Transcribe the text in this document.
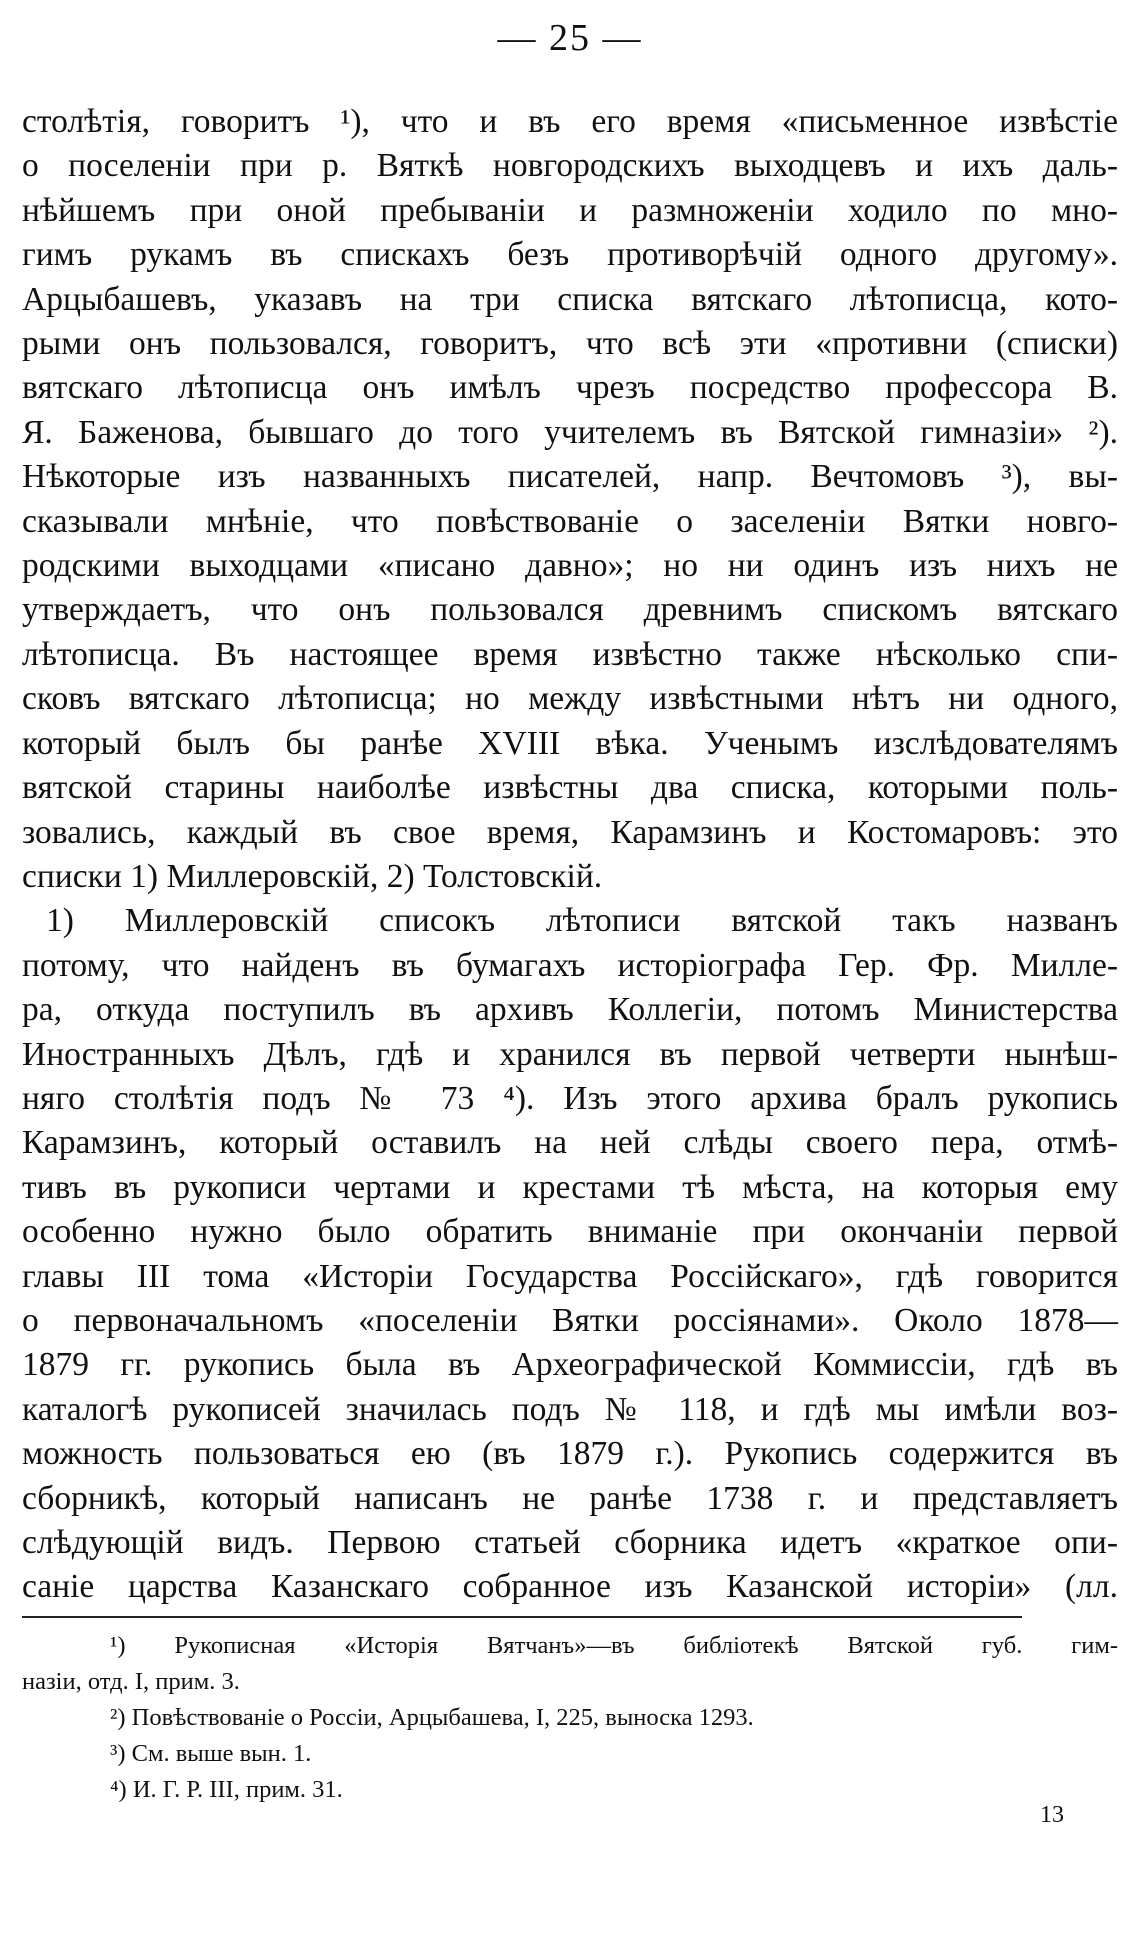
— 25 —
столѣтія, говоритъ ¹), что и въ его время «письменное извѣстіе
о поселеніи при р. Вяткѣ новгородскихъ выходцевъ и ихъ даль-
нѣйшемъ при оной пребываніи и размноженіи ходило по мно-
гимъ рукамъ въ спискахъ безъ противорѣчій одного другому».
Арцыбашевъ, указавъ на три списка вятскаго лѣтописца, кото-
рыми онъ пользовался, говоритъ, что всѣ эти «противни (списки)
вятскаго лѣтописца онъ имѣлъ чрезъ посредство профессора В.
Я. Баженова, бывшаго до того учителемъ въ Вятской гимназіи» ²).
Нѣкоторые изъ названныхъ писателей, напр. Вечтомовъ ³), вы-
сказывали мнѣніе, что повѣствованіе о заселеніи Вятки новго-
родскими выходцами «писано давно»; но ни одинъ изъ нихъ не
утверждаетъ, что онъ пользовался древнимъ спискомъ вятскаго
лѣтописца. Въ настоящее время извѣстно также нѣсколько спи-
сковъ вятскаго лѣтописца; но между извѣстными нѣтъ ни одного,
который былъ бы ранѣе XVIII вѣка. Ученымъ изслѣдователямъ
вятской старины наиболѣе извѣстны два списка, которыми поль-
зовались, каждый въ свое время, Карамзинъ и Костомаровъ: это
списки 1) Миллеровскій, 2) Толстовскій.
1) Миллеровскій списокъ лѣтописи вятской такъ названъ
потому, что найденъ въ бумагахъ исторіографа Гер. Фр. Милле-
ра, откуда поступилъ въ архивъ Коллегіи, потомъ Министерства
Иностранныхъ Дѣлъ, гдѣ и хранился въ первой четверти нынѣш-
няго столѣтія подъ № 73 ⁴). Изъ этого архива бралъ рукопись
Карамзинъ, который оставилъ на ней слѣды своего пера, отмѣ-
тивъ въ рукописи чертами и крестами тѣ мѣста, на которыя ему
особенно нужно было обратить вниманіе при окончаніи первой
главы III тома «Исторіи Государства Россійскаго», гдѣ говорится
о первоначальномъ «поселеніи Вятки россіянами». Около 1878—
1879 гг. рукопись была въ Археографической Коммиссіи, гдѣ въ
каталогѣ рукописей значилась подъ № 118, и гдѣ мы имѣли воз-
можность пользоваться ею (въ 1879 г.). Рукопись содержится въ
сборникѣ, который написанъ не ранѣе 1738 г. и представляетъ
слѣдующій видъ. Первою статьей сборника идетъ «краткое опи-
саніе царства Казанскаго собранное изъ Казанской исторіи» (лл.
¹) Рукописная «Исторія Вятчанъ»—въ библіотекѣ Вятской губ. гим-
назіи, отд. I, прим. 3.
²) Повѣствованіе о Россіи, Арцыбашева, I, 225, выноска 1293.
³) См. выше вын. 1.
⁴) И. Г. Р. III, прим. 31.
13
